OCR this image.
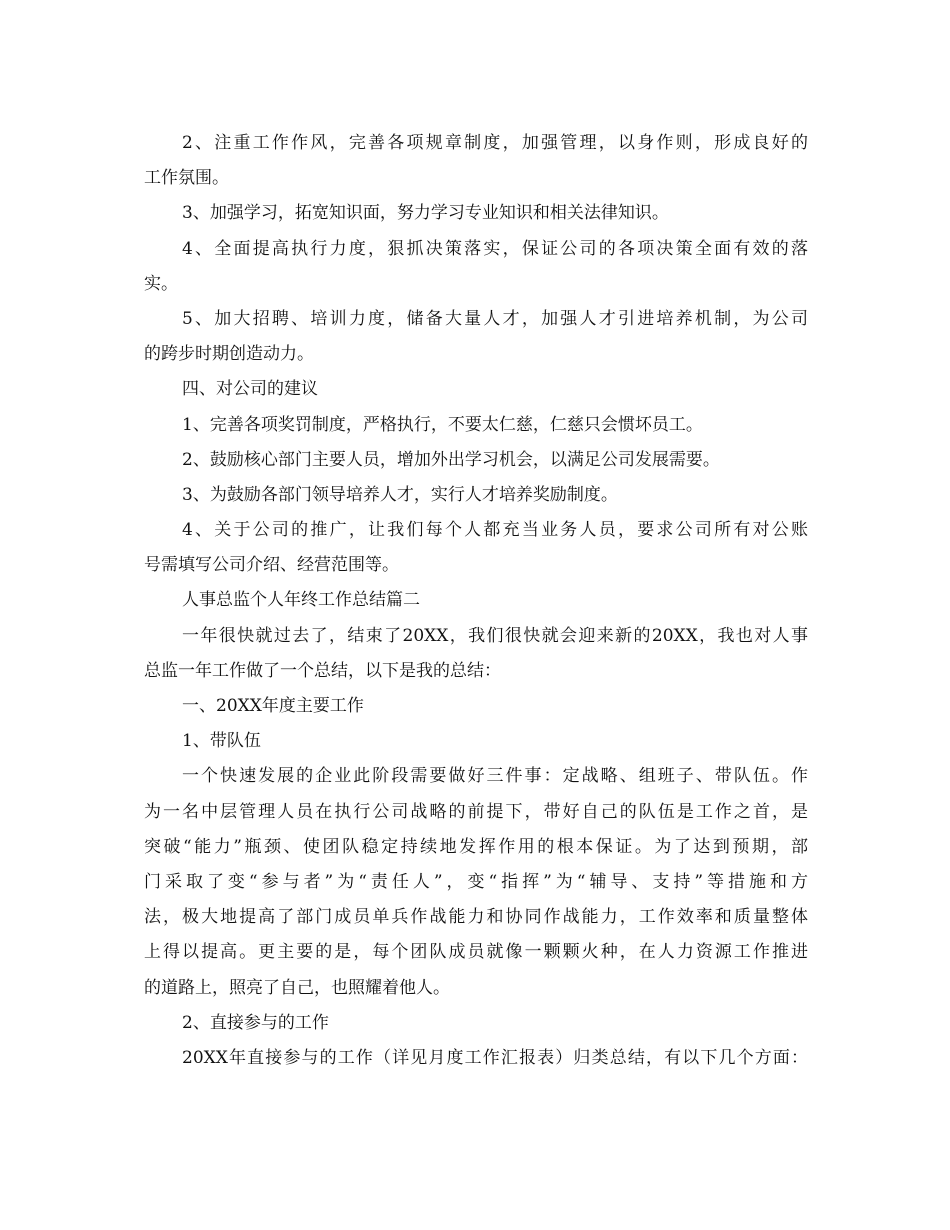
2、注重工作作风，完善各项规章制度，加强管理，以身作则，形成良好的
工作氛围。
3、加强学习，拓宽知识面，努力学习专业知识和相关法律知识。
4、全面提高执行力度，狠抓决策落实，保证公司的各项决策全面有效的落
实。
5、加大招聘、培训力度，储备大量人才，加强人才引进培养机制，为公司
的跨步时期创造动力。
四、对公司的建议
1、完善各项奖罚制度，严格执行，不要太仁慈，仁慈只会惯坏员工。
2、鼓励核心部门主要人员，增加外出学习机会，以满足公司发展需要。
3、为鼓励各部门领导培养人才，实行人才培养奖励制度。
4、关于公司的推广，让我们每个人都充当业务人员，要求公司所有对公账
号需填写公司介绍、经营范围等。
人事总监个人年终工作总结篇二
一年很快就过去了，结束了20XX，我们很快就会迎来新的20XX，我也对人事
总监一年工作做了一个总结，以下是我的总结：
一、20XX年度主要工作
1、带队伍
一个快速发展的企业此阶段需要做好三件事：定战略、组班子、带队伍。作
为一名中层管理人员在执行公司战略的前提下，带好自己的队伍是工作之首，是
突破“能力”瓶颈、使团队稳定持续地发挥作用的根本保证。为了达到预期，部
门采取了变“参与者”为“责任人”，变“指挥”为“辅导、支持”等措施和方
法，极大地提高了部门成员单兵作战能力和协同作战能力，工作效率和质量整体
上得以提高。更主要的是，每个团队成员就像一颗颗火种，在人力资源工作推进
的道路上，照亮了自己，也照耀着他人。
2、直接参与的工作
20XX年直接参与的工作（详见月度工作汇报表）归类总结，有以下几个方面：
